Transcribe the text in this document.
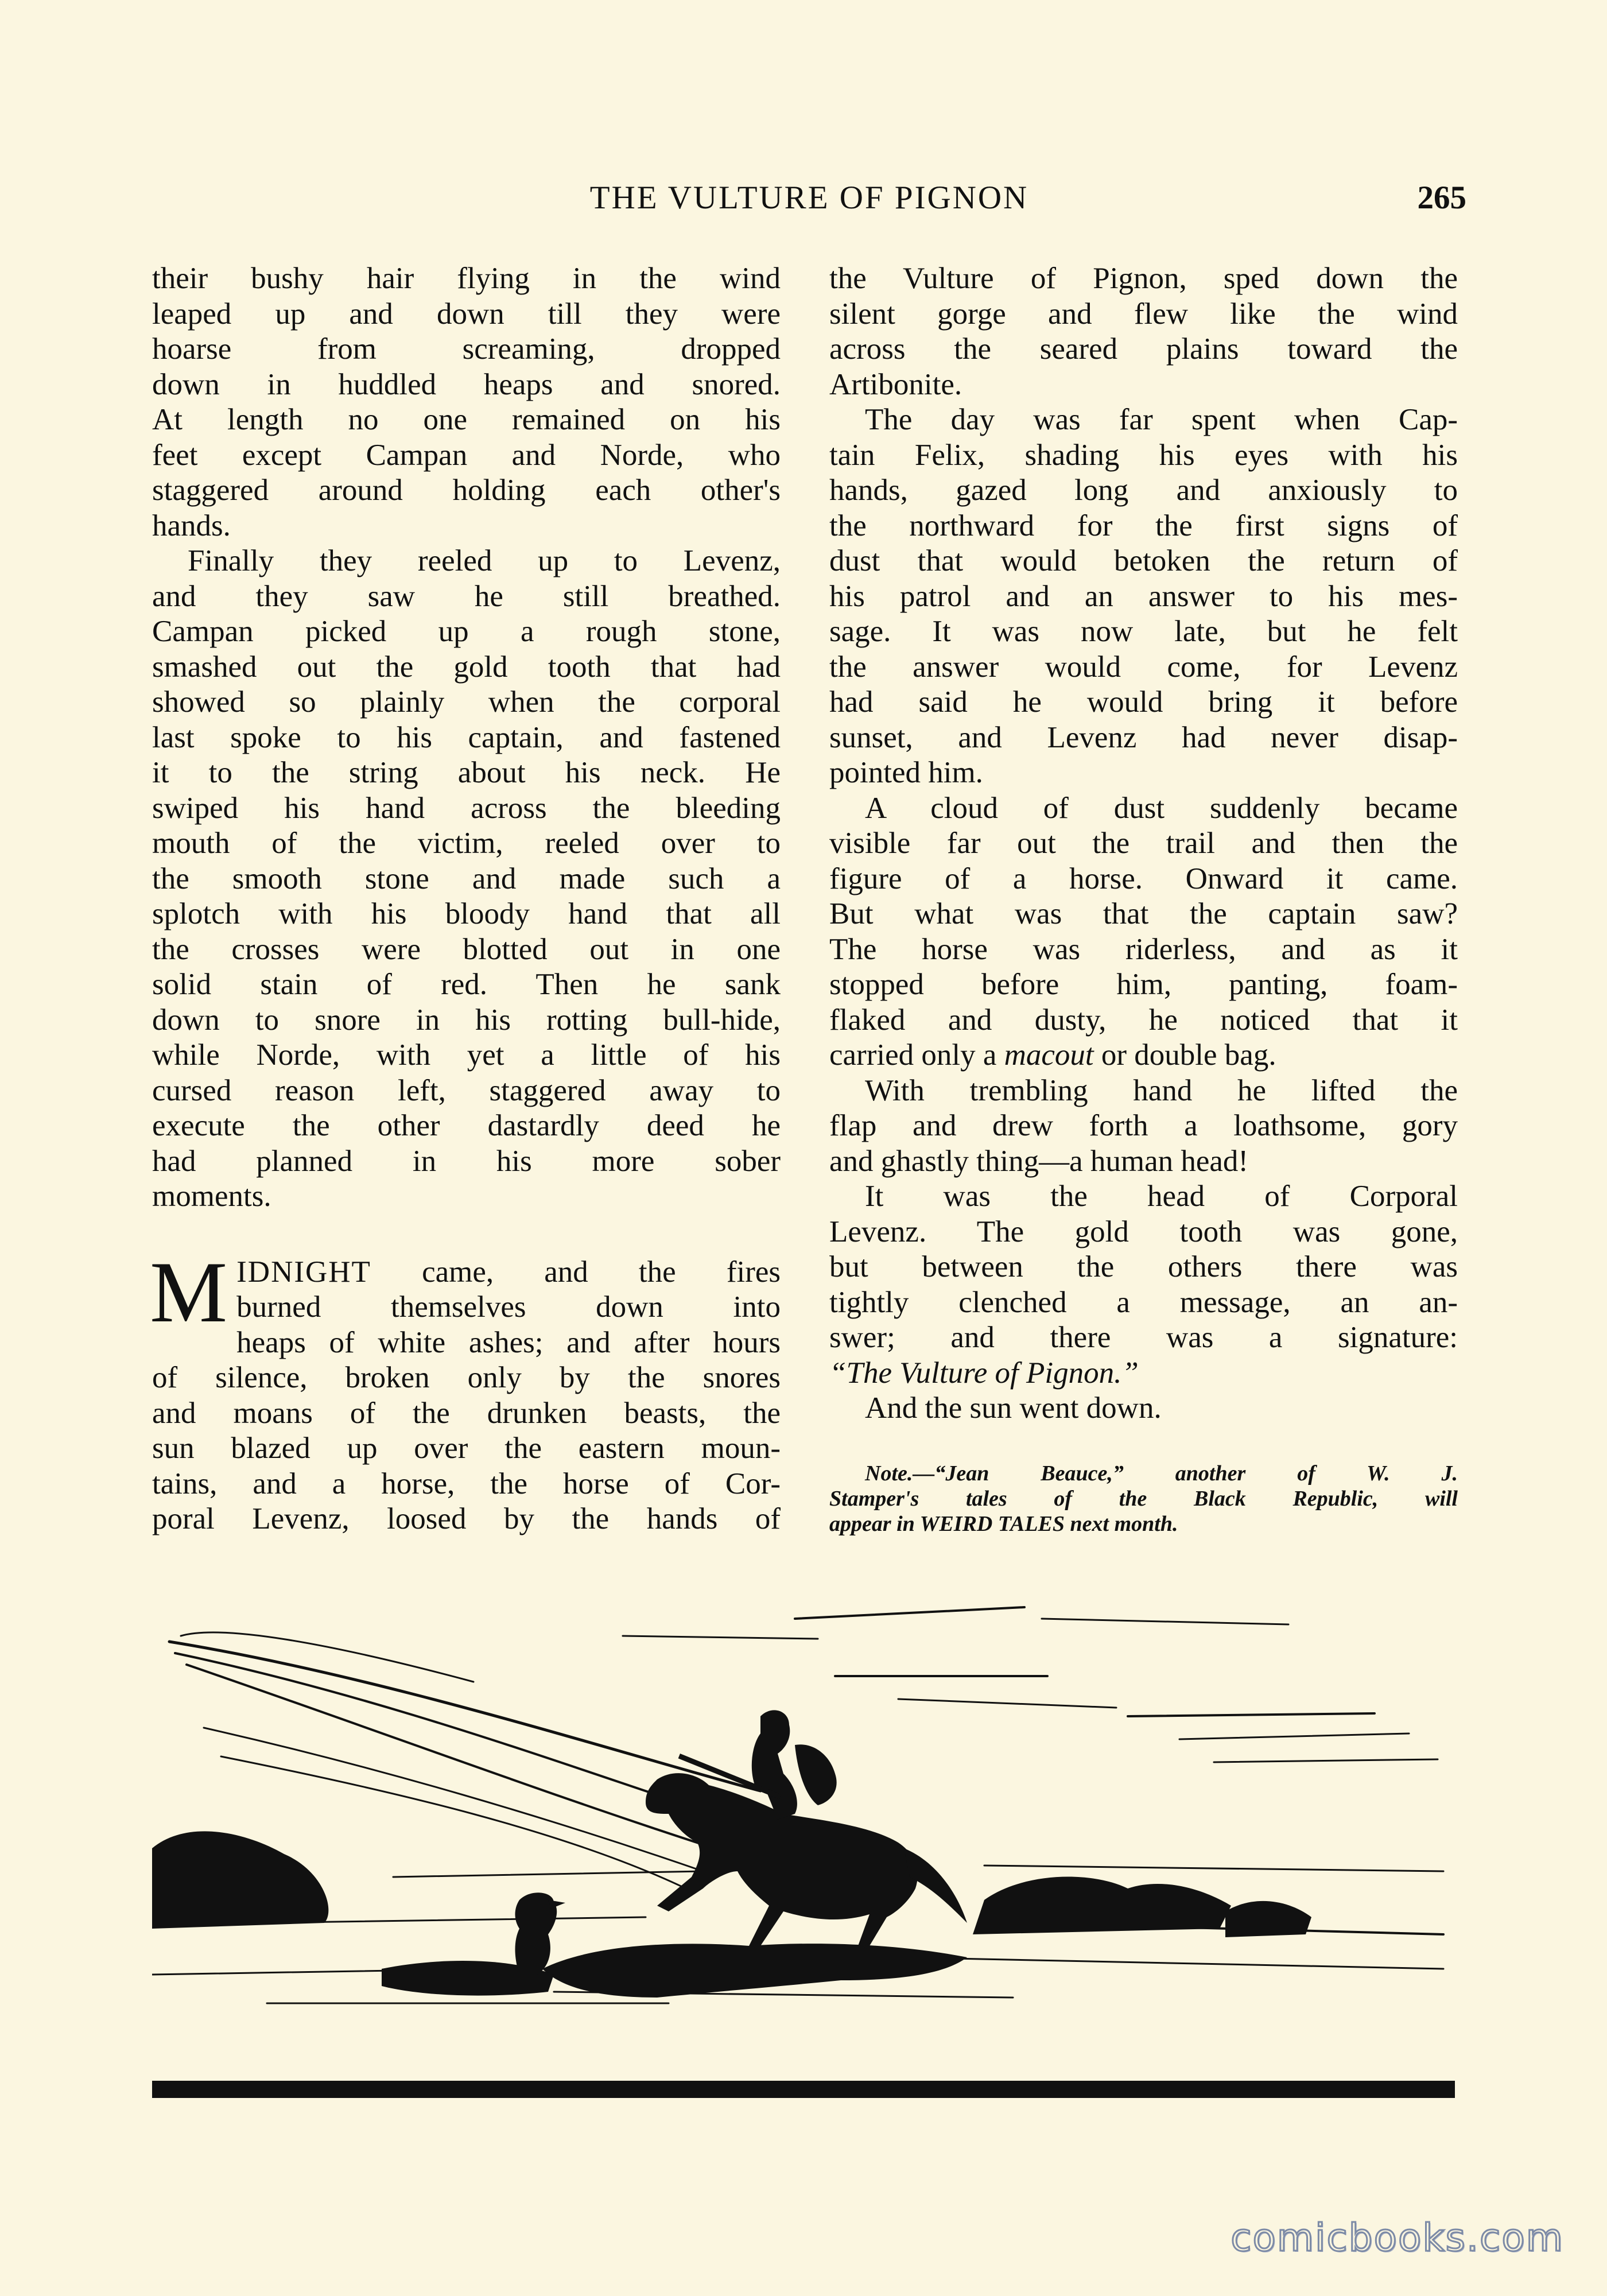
THE VULTURE OF PIGNON	265

their bushy hair flying in the wind
leaped up and down till they were
hoarse from screaming, dropped
down in huddled heaps and snored.
At length no one remained on his
feet except Campan and Norde, who
staggered around holding each other's
hands.

Finally they reeled up to Levenz,
and they saw he still breathed.
Campan picked up a rough stone,
smashed out the gold tooth that had
showed so plainly when the corporal
last spoke to his captain, and fastened
it to the string about his neck. He
swiped his hand across the bleeding
mouth of the victim, reeled over to
the smooth stone and made such a
splotch with his bloody hand that all
the crosses were blotted out in one
solid stain of red. Then he sank
down to snore in his rotting bull-hide,
while Norde, with yet a little of his
cursed reason left, staggered away to
execute the other dastardly deed he
had planned in his more sober
moments.

M IDNIGHT came, and the fires
burned themselves down into
heaps of white ashes; and after hours
of silence, broken only by the snores
and moans of the drunken beasts, the
sun blazed up over the eastern moun-
tains, and a horse, the horse of Cor-
poral Levenz, loosed by the hands of

the Vulture of Pignon, sped down the
silent gorge and flew like the wind
across the seared plains toward the
Artibonite.

The day was far spent when Cap-
tain Felix, shading his eyes with his
hands, gazed long and anxiously to
the northward for the first signs of
dust that would betoken the return of
his patrol and an answer to his mes-
sage. It was now late, but he felt
the answer would come, for Levenz
had said he would bring it before
sunset, and Levenz had never disap-
pointed him.

A cloud of dust suddenly became
visible far out the trail and then the
figure of a horse. Onward it came.
But what was that the captain saw?
The horse was riderless, and as it
stopped before him, panting, foam-
flaked and dusty, he noticed that it
carried only a macout or double bag.

With trembling hand he lifted the
flap and drew forth a loathsome, gory
and ghastly thing—a human head!

It was the head of Corporal
Levenz. The gold tooth was gone,
but between the others there was
tightly clenched a message, an an-
swer; and there was a signature:
“The Vulture of Pignon.”

And the sun went down.

Note.—“Jean Beauce,” another of W. J.
Stamper's tales of the Black Republic, will
appear in WEIRD TALES next month.
comicbooks.com
